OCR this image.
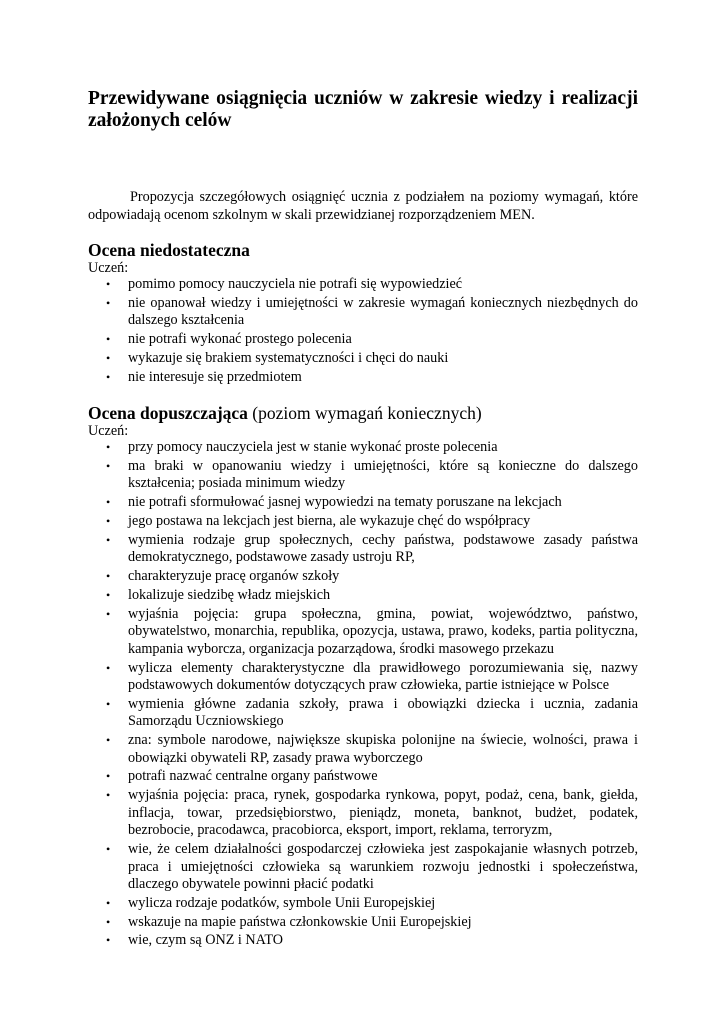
Przewidywane osiągnięcia uczniów w zakresie wiedzy i realizacji założonych celów

Propozycja szczegółowych osiągnięć ucznia z podziałem na poziomy wymagań, które odpowiadają ocenom szkolnym w skali przewidzianej rozporządzeniem MEN.

Ocena niedostateczna

Uczeń:

• pomimo pomocy nauczyciela nie potrafi się wypowiedzieć
• nie opanował wiedzy i umiejętności w zakresie wymagań koniecznych niezbędnych do dalszego kształcenia
• nie potrafi wykonać prostego polecenia
• wykazuje się brakiem systematyczności i chęci do nauki
• nie interesuje się przedmiotem
Ocena dopuszczająca (poziom wymagań koniecznych)

Uczeń:

• przy pomocy nauczyciela jest w stanie wykonać proste polecenia
• ma braki w opanowaniu wiedzy i umiejętności, które są konieczne do dalszego kształcenia; posiada minimum wiedzy
• nie potrafi sformułować jasnej wypowiedzi na tematy poruszane na lekcjach
• jego postawa na lekcjach jest bierna, ale wykazuje chęć do współpracy
• wymienia rodzaje grup społecznych, cechy państwa, podstawowe zasady państwa demokratycznego, podstawowe zasady ustroju RP,
• charakteryzuje pracę organów szkoły
• lokalizuje siedzibę władz miejskich
• wyjaśnia pojęcia: grupa społeczna, gmina, powiat, województwo, państwo, obywatelstwo, monarchia, republika, opozycja, ustawa, prawo, kodeks, partia polityczna, kampania wyborcza, organizacja pozarządowa, środki masowego przekazu
• wylicza elementy charakterystyczne dla prawidłowego porozumiewania się, nazwy podstawowych dokumentów dotyczących praw człowieka, partie istniejące w Polsce
• wymienia główne zadania szkoły, prawa i obowiązki dziecka i ucznia, zadania Samorządu Uczniowskiego
• zna: symbole narodowe, największe skupiska polonijne na świecie, wolności, prawa i obowiązki obywateli RP, zasady prawa wyborczego
• potrafi nazwać centralne organy państwowe
• wyjaśnia pojęcia: praca, rynek, gospodarka rynkowa, popyt, podaż, cena, bank, giełda, inflacja, towar, przedsiębiorstwo, pieniądz, moneta, banknot, budżet, podatek, bezrobocie, pracodawca, pracobiorca, eksport, import, reklama, terroryzm,
• wie, że celem działalności gospodarczej człowieka jest zaspokajanie własnych potrzeb, praca i umiejętności człowieka są warunkiem rozwoju jednostki i społeczeństwa, dlaczego obywatele powinni płacić podatki
• wylicza rodzaje podatków, symbole Unii Europejskiej
• wskazuje na mapie państwa członkowskie Unii Europejskiej
• wie, czym są ONZ i NATO
